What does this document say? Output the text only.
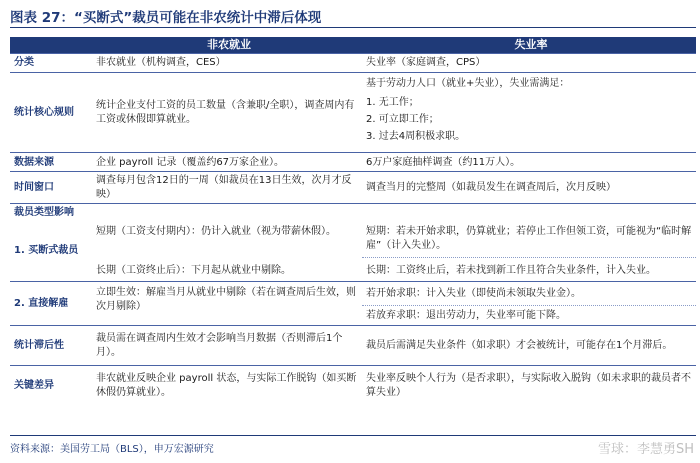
图表 27：“买断式”裁员可能在非农统计中滞后体现
	非农就业	失业率
分类	非农就业（机构调查，CES）	失业率（家庭调查，CPS）
统计核心规则	统计企业支付工资的员工数量（含兼职/全职），调查周内有工资或休假即算就业。	基于劳动力人口（就业+失业），失业需满足：
1. 无工作；
2. 可立即工作；
3. 过去4周积极求职。

数据来源	企业 payroll 记录（覆盖约67万家企业）。	6万户家庭抽样调查（约11万人）。
时间窗口	调查每月包含12日的一周（如裁员在13日生效，次月才反映）	调查当月的完整周（如裁员发生在调查周后，次月反映）
裁员类型影响		
1. 买断式裁员	短期（工资支付期内）：仍计入就业（视为带薪休假）。	短期：若未开始求职，仍算就业；若停止工作但领工资，可能视为“临时解雇”（计入失业）。
	长期（工资终止后）：下月起从就业中剔除。	长期：工资终止后，若未找到新工作且符合失业条件，计入失业。
2. 直接解雇	立即生效：解雇当月从就业中剔除（若在调查周后生效，则次月剔除）	若开始求职：计入失业（即使尚未领取失业金）。
		若放弃求职：退出劳动力，失业率可能下降。
统计滞后性	裁员需在调查周内生效才会影响当月数据（否则滞后1个月）。	裁员后需满足失业条件（如求职）才会被统计，可能存在1个月滞后。
关键差异	非农就业反映企业 payroll 状态，与实际工作脱钩（如买断休假仍算就业）。	失业率反映个人行为（是否求职），与实际收入脱钩（如未求职的裁员者不算失业）
资料来源：美国劳工局（BLS），申万宏源研究	雪球：李慧勇SH
